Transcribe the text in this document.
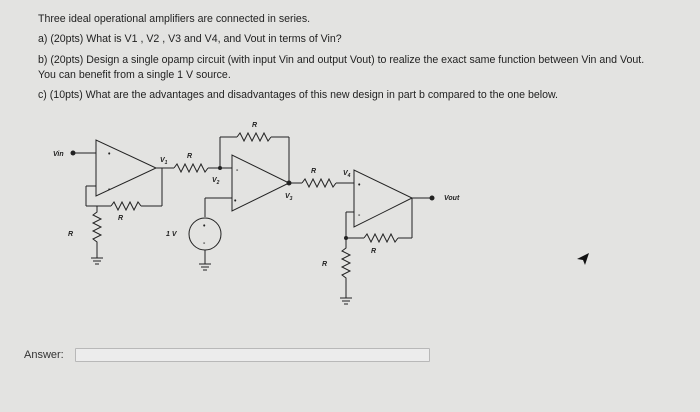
Three ideal operational amplifiers are connected in series.

a) (20pts) What is V1 , V2 , V3 and V4, and Vout in terms of Vin?

b) (20pts) Design a single opamp circuit (with input Vin and output Vout) to realize the exact same function between Vin and Vout.

You can benefit from a single 1 V source.

c) (10pts) What are the advantages and disadvantages of this new design in part b compared to the one below.

•
-
-
•
•
-
•
-
Vin
$V_1$
$V_2$
$V_3$
$V_4$
Vout
1 V
R
R
R
R
R
R
R
Answer:
